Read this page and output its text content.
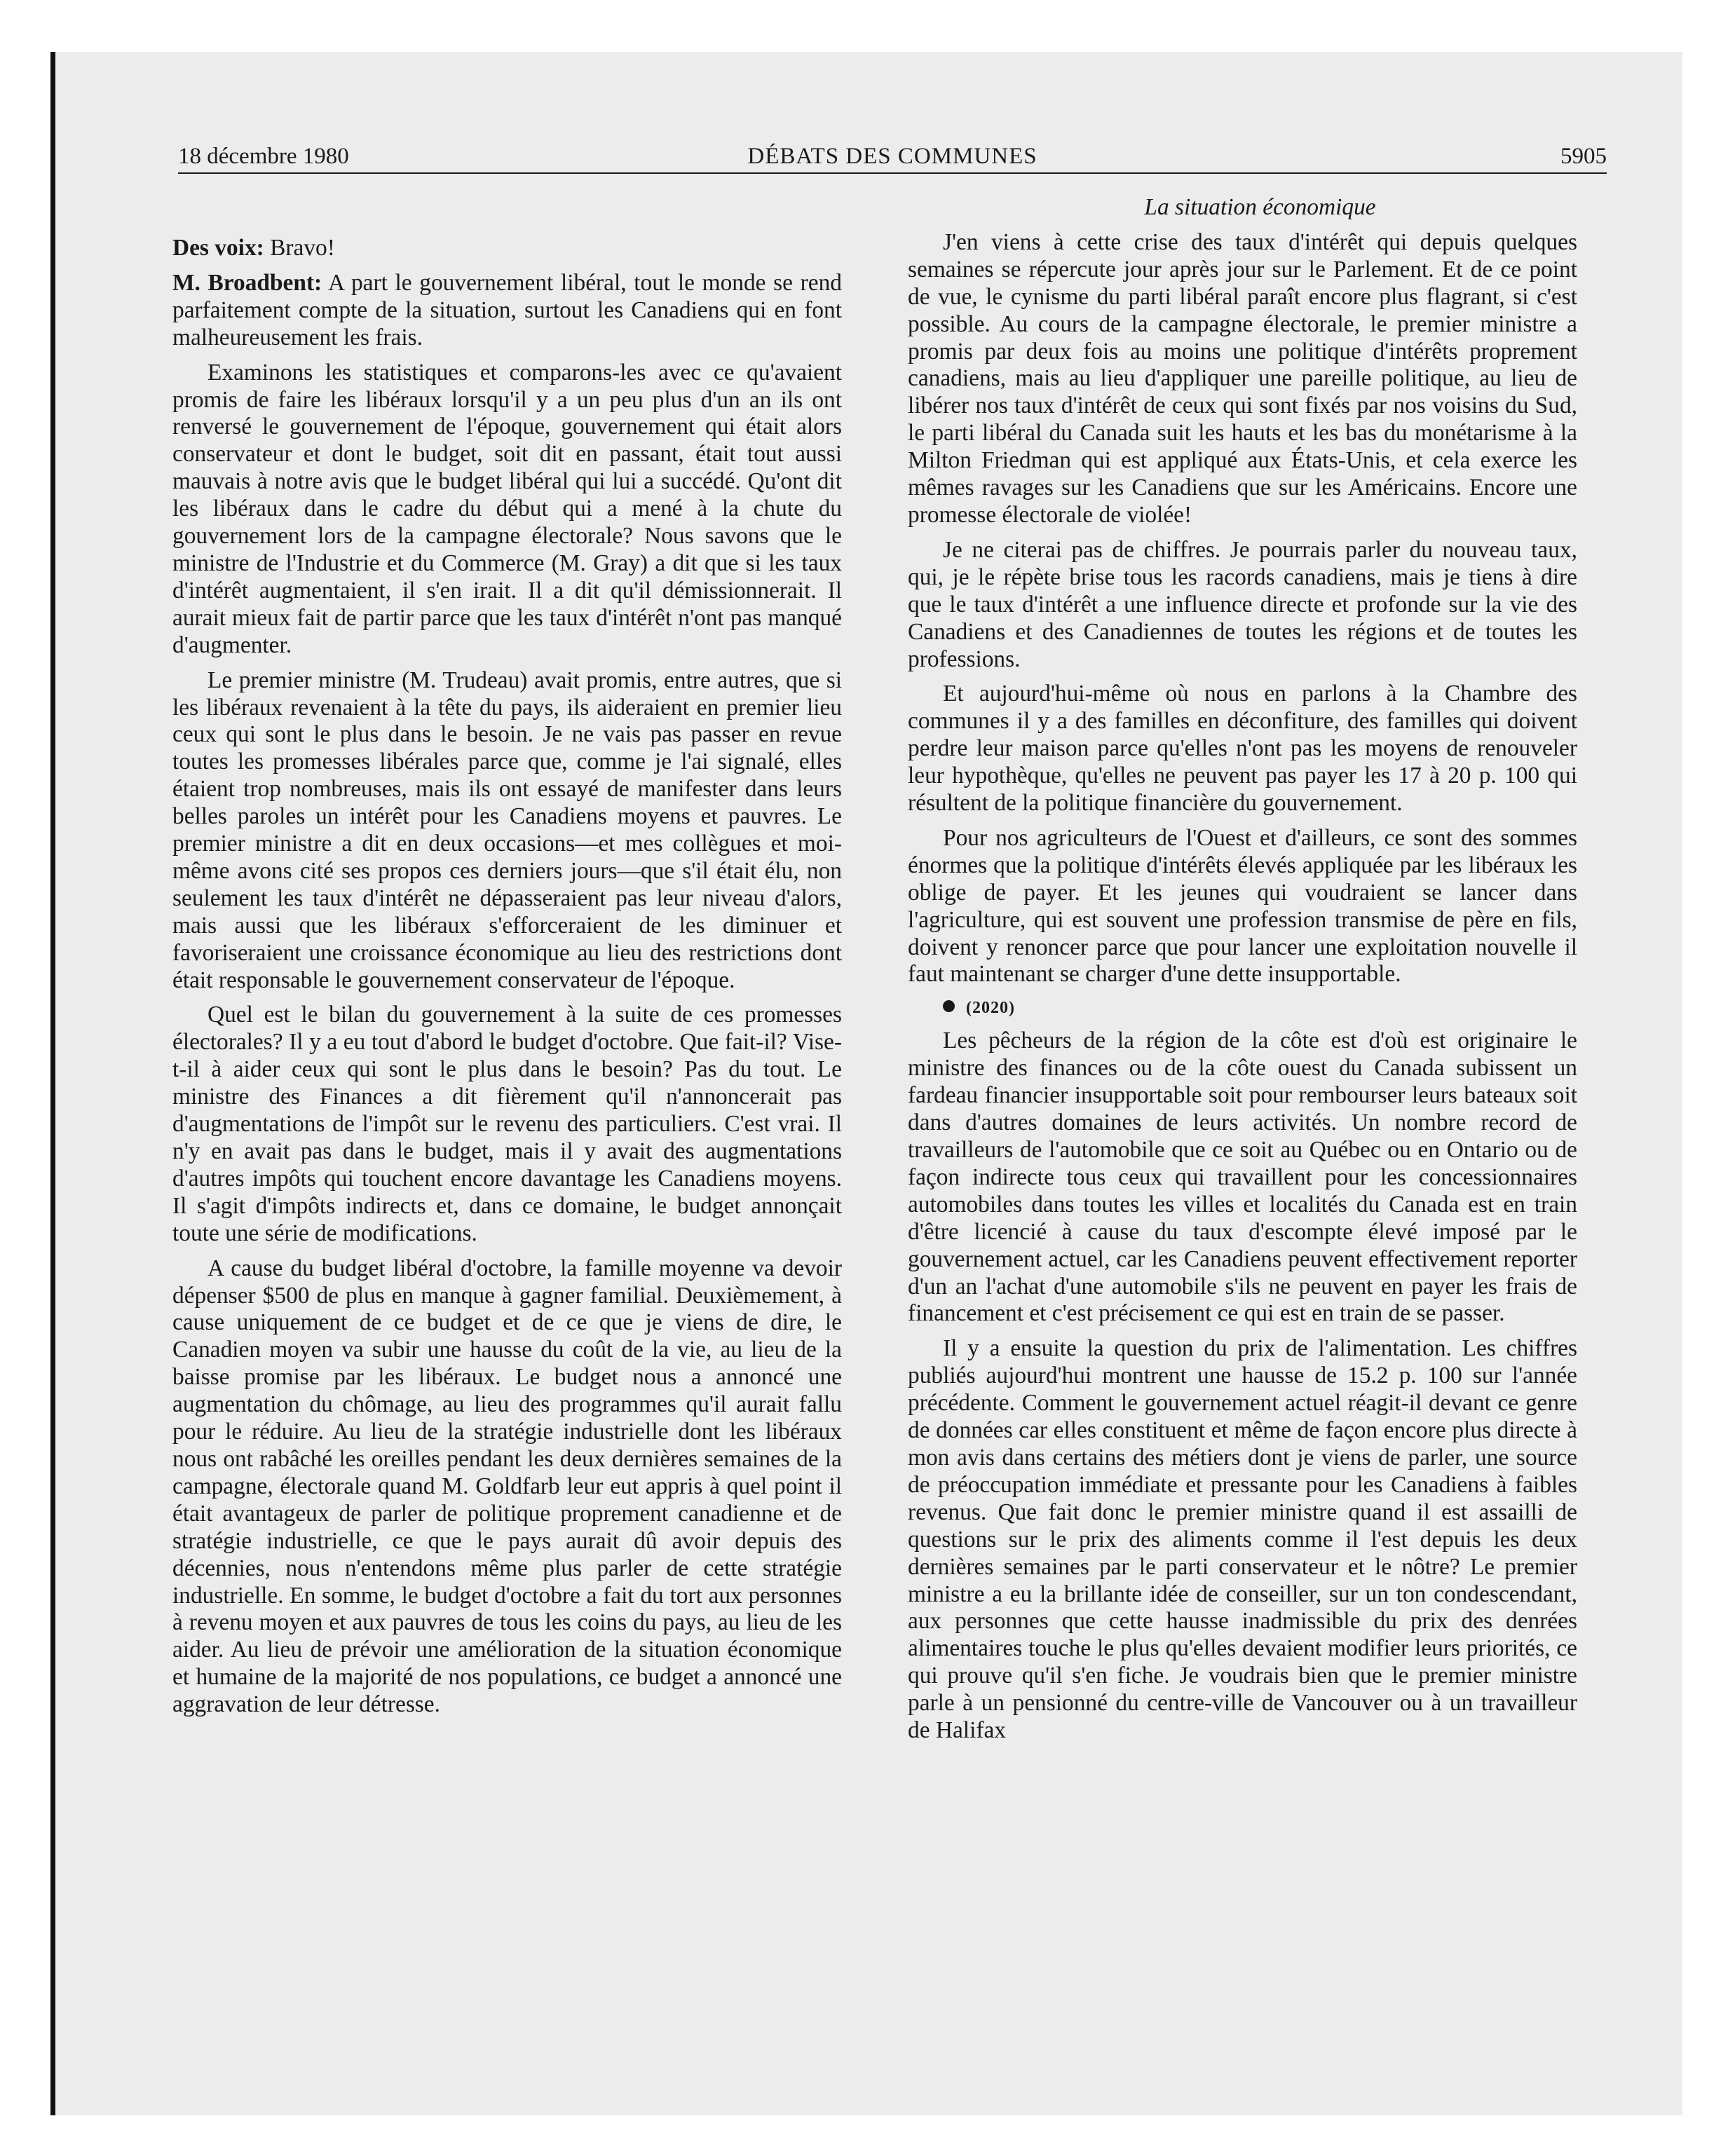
18 décembre 1980	DÉBATS DES COMMUNES	5905

Des voix: Bravo!

M. Broadbent: A part le gouvernement libéral, tout le monde se rend parfaitement compte de la situation, surtout les Canadiens qui en font malheureusement les frais.

Examinons les statistiques et comparons-les avec ce qu'avaient promis de faire les libéraux lorsqu'il y a un peu plus d'un an ils ont renversé le gouvernement de l'époque, gouvernement qui était alors conservateur et dont le budget, soit dit en passant, était tout aussi mauvais à notre avis que le budget libéral qui lui a succédé. Qu'ont dit les libéraux dans le cadre du début qui a mené à la chute du gouvernement lors de la campagne électorale? Nous savons que le ministre de l'Industrie et du Commerce (M. Gray) a dit que si les taux d'intérêt augmentaient, il s'en irait. Il a dit qu'il démissionnerait. Il aurait mieux fait de partir parce que les taux d'intérêt n'ont pas manqué d'augmenter.

Le premier ministre (M. Trudeau) avait promis, entre autres, que si les libéraux revenaient à la tête du pays, ils aideraient en premier lieu ceux qui sont le plus dans le besoin. Je ne vais pas passer en revue toutes les promesses libérales parce que, comme je l'ai signalé, elles étaient trop nombreuses, mais ils ont essayé de manifester dans leurs belles paroles un intérêt pour les Canadiens moyens et pauvres. Le premier ministre a dit en deux occasions—et mes collègues et moi-même avons cité ses propos ces derniers jours—que s'il était élu, non seulement les taux d'intérêt ne dépasseraient pas leur niveau d'alors, mais aussi que les libéraux s'efforceraient de les diminuer et favoriseraient une croissance économique au lieu des restrictions dont était responsable le gouvernement conservateur de l'époque.

Quel est le bilan du gouvernement à la suite de ces promesses électorales? Il y a eu tout d'abord le budget d'octobre. Que fait-il? Vise-t-il à aider ceux qui sont le plus dans le besoin? Pas du tout. Le ministre des Finances a dit fièrement qu'il n'annoncerait pas d'augmentations de l'impôt sur le revenu des particuliers. C'est vrai. Il n'y en avait pas dans le budget, mais il y avait des augmentations d'autres impôts qui touchent encore davantage les Canadiens moyens. Il s'agit d'impôts indirects et, dans ce domaine, le budget annonçait toute une série de modifications.

A cause du budget libéral d'octobre, la famille moyenne va devoir dépenser $500 de plus en manque à gagner familial. Deuxièmement, à cause uniquement de ce budget et de ce que je viens de dire, le Canadien moyen va subir une hausse du coût de la vie, au lieu de la baisse promise par les libéraux. Le budget nous a annoncé une augmentation du chômage, au lieu des programmes qu'il aurait fallu pour le réduire. Au lieu de la stratégie industrielle dont les libéraux nous ont rabâché les oreilles pendant les deux dernières semaines de la campagne, électorale quand M. Goldfarb leur eut appris à quel point il était avantageux de parler de politique proprement canadienne et de stratégie industrielle, ce que le pays aurait dû avoir depuis des décennies, nous n'entendons même plus parler de cette stratégie industrielle. En somme, le budget d'octobre a fait du tort aux personnes à revenu moyen et aux pauvres de tous les coins du pays, au lieu de les aider. Au lieu de prévoir une amélioration de la situation économique et humaine de la majorité de nos populations, ce budget a annoncé une aggravation de leur détresse.

La situation économique

J'en viens à cette crise des taux d'intérêt qui depuis quelques semaines se répercute jour après jour sur le Parlement. Et de ce point de vue, le cynisme du parti libéral paraît encore plus flagrant, si c'est possible. Au cours de la campagne électorale, le premier ministre a promis par deux fois au moins une politique d'intérêts proprement canadiens, mais au lieu d'appliquer une pareille politique, au lieu de libérer nos taux d'intérêt de ceux qui sont fixés par nos voisins du Sud, le parti libéral du Canada suit les hauts et les bas du monétarisme à la Milton Friedman qui est appliqué aux États-Unis, et cela exerce les mêmes ravages sur les Canadiens que sur les Américains. Encore une promesse électorale de violée!

Je ne citerai pas de chiffres. Je pourrais parler du nouveau taux, qui, je le répète brise tous les racords canadiens, mais je tiens à dire que le taux d'intérêt a une influence directe et profonde sur la vie des Canadiens et des Canadiennes de toutes les régions et de toutes les professions.

Et aujourd'hui-même où nous en parlons à la Chambre des communes il y a des familles en déconfiture, des familles qui doivent perdre leur maison parce qu'elles n'ont pas les moyens de renouveler leur hypothèque, qu'elles ne peuvent pas payer les 17 à 20 p. 100 qui résultent de la politique financière du gouvernement.

Pour nos agriculteurs de l'Ouest et d'ailleurs, ce sont des sommes énormes que la politique d'intérêts élevés appliquée par les libéraux les oblige de payer. Et les jeunes qui voudraient se lancer dans l'agriculture, qui est souvent une profession transmise de père en fils, doivent y renoncer parce que pour lancer une exploitation nouvelle il faut maintenant se charger d'une dette insupportable.

(2020)

Les pêcheurs de la région de la côte est d'où est originaire le ministre des finances ou de la côte ouest du Canada subissent un fardeau financier insupportable soit pour rembourser leurs bateaux soit dans d'autres domaines de leurs activités. Un nombre record de travailleurs de l'automobile que ce soit au Québec ou en Ontario ou de façon indirecte tous ceux qui travaillent pour les concessionnaires automobiles dans toutes les villes et localités du Canada est en train d'être licencié à cause du taux d'escompte élevé imposé par le gouvernement actuel, car les Canadiens peuvent effectivement reporter d'un an l'achat d'une automobile s'ils ne peuvent en payer les frais de financement et c'est précisement ce qui est en train de se passer.

Il y a ensuite la question du prix de l'alimentation. Les chiffres publiés aujourd'hui montrent une hausse de 15.2 p. 100 sur l'année précédente. Comment le gouvernement actuel réagit-il devant ce genre de données car elles constituent et même de façon encore plus directe à mon avis dans certains des métiers dont je viens de parler, une source de préoccupation immédiate et pressante pour les Canadiens à faibles revenus. Que fait donc le premier ministre quand il est assailli de questions sur le prix des aliments comme il l'est depuis les deux dernières semaines par le parti conservateur et le nôtre? Le premier ministre a eu la brillante idée de conseiller, sur un ton condescendant, aux personnes que cette hausse inadmissible du prix des denrées alimentaires touche le plus qu'elles devaient modifier leurs priorités, ce qui prouve qu'il s'en fiche. Je voudrais bien que le premier ministre parle à un pensionné du centre-ville de Vancouver ou à un travailleur de Halifax
